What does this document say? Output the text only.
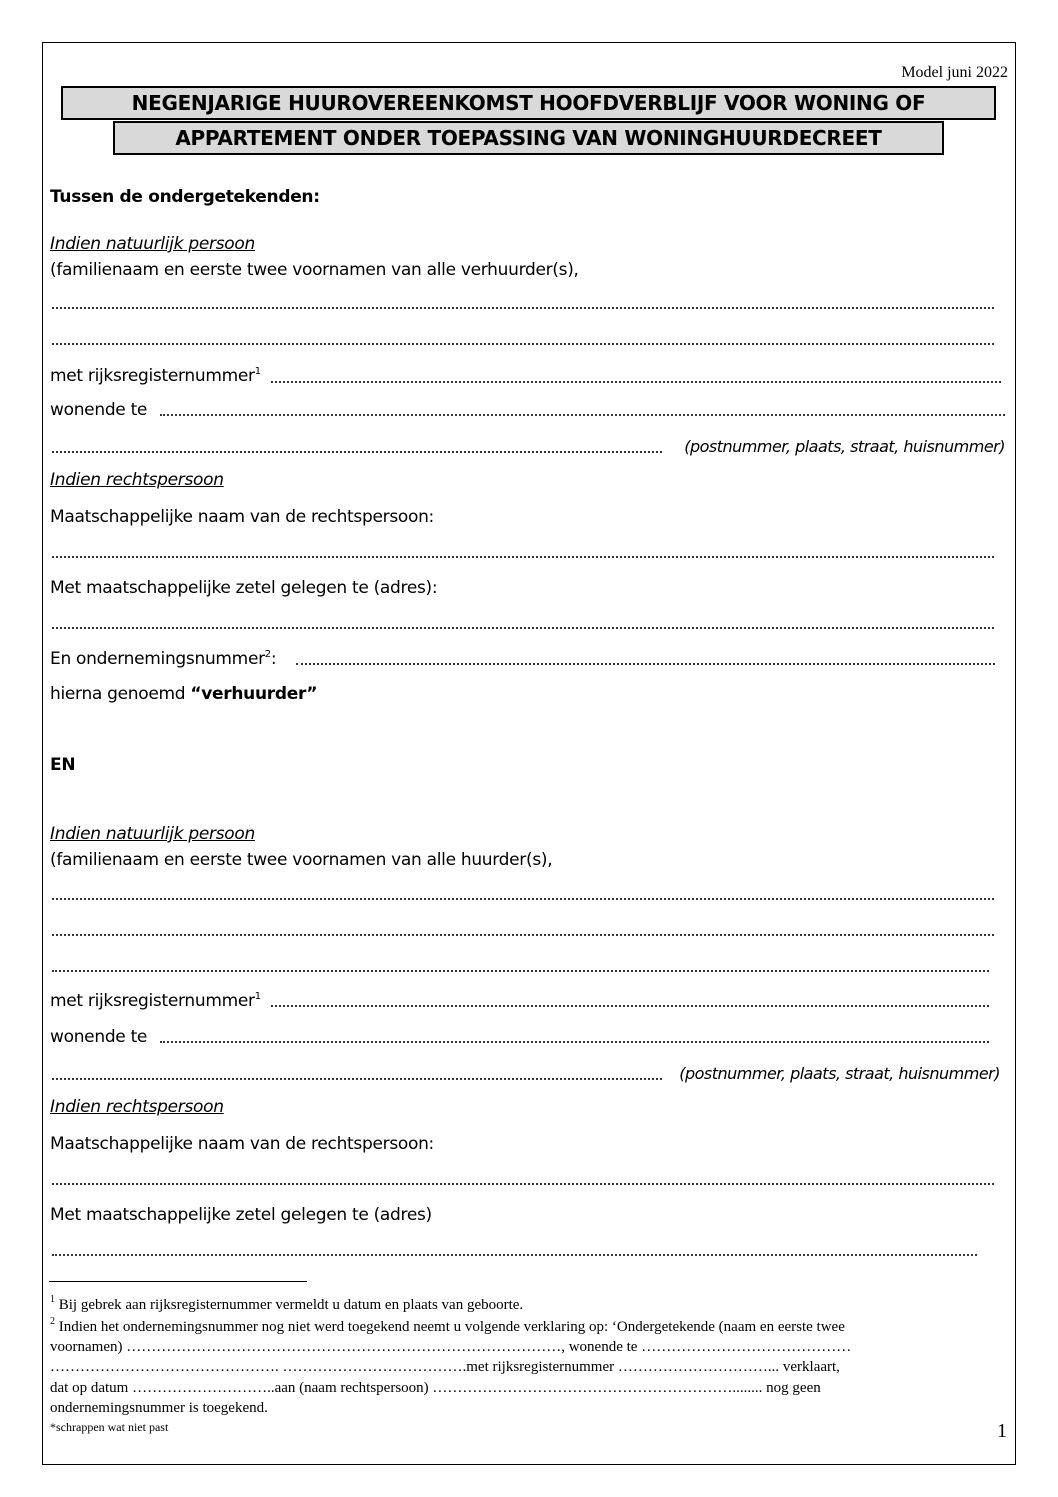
Model juni 2022
NEGENJARIGE HUUROVEREENKOMST HOOFDVERBLIJF VOOR WONING OF
APPARTEMENT ONDER TOEPASSING VAN WONINGHUURDECREET
Tussen de ondergetekenden:
Indien natuurlijk persoon
(familienaam en eerste twee voornamen van alle verhuurder(s),
met rijksregisternummer$^1$
wonende te
(postnummer, plaats, straat, huisnummer)
Indien rechtspersoon
Maatschappelijke naam van de rechtspersoon:
Met maatschappelijke zetel gelegen te (adres):
En ondernemingsnummer$^2$:
hierna genoemd “verhuurder”
EN
Indien natuurlijk persoon
(familienaam en eerste twee voornamen van alle huurder(s),
met rijksregisternummer$^1$
wonende te
(postnummer, plaats, straat, huisnummer)
Indien rechtspersoon
Maatschappelijke naam van de rechtspersoon:
Met maatschappelijke zetel gelegen te (adres)
$^1$ Bij gebrek aan rijksregisternummer vermeldt u datum en plaats van geboorte.
$^2$ Indien het ondernemingsnummer nog niet werd toegekend neemt u volgende verklaring op: ‘Ondergetekende (naam en eerste twee
voornamen) ……………………………………………………………………………, wonende te ……………………………………
………………………………………. ……………………………….met rijksregisternummer …………………………... verklaart,
dat op datum ………………………..aan (naam rechtspersoon) ……………………………………………………........ nog geen
ondernemingsnummer is toegekend.
*schrappen wat niet past	1
